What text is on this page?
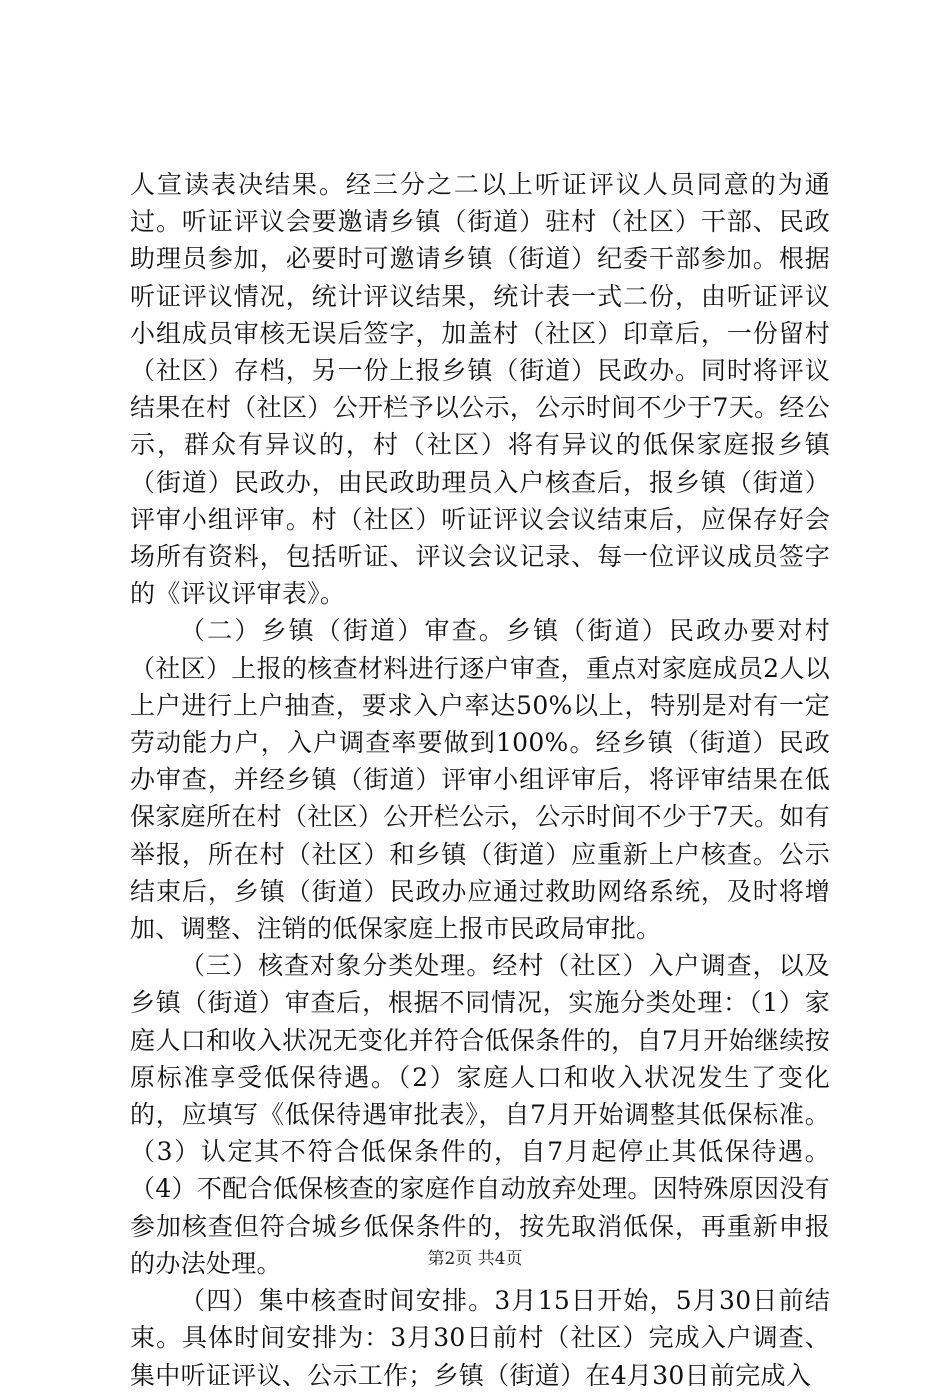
人宣读表决结果。经三分之二以上听证评议人员同意的为通过。听证评议会要邀请乡镇（街道）驻村（社区）干部、民政助理员参加，必要时可邀请乡镇（街道）纪委干部参加。根据听证评议情况，统计评议结果，统计表一式二份，由听证评议小组成员审核无误后签字，加盖村（社区）印章后，一份留村（社区）存档，另一份上报乡镇（街道）民政办。同时将评议结果在村（社区）公开栏予以公示，公示时间不少于7天。经公示，群众有异议的，村（社区）将有异议的低保家庭报乡镇（街道）民政办，由民政助理员入户核查后，报乡镇（街道）评审小组评审。村（社区）听证评议会议结束后，应保存好会场所有资料，包括听证、评议会议记录、每一位评议成员签字的《评议评审表》。

（二）乡镇（街道）审查。乡镇（街道）民政办要对村（社区）上报的核查材料进行逐户审查，重点对家庭成员2人以上户进行上户抽查，要求入户率达50%以上，特别是对有一定劳动能力户，入户调查率要做到100%。经乡镇（街道）民政办审查，并经乡镇（街道）评审小组评审后，将评审结果在低保家庭所在村（社区）公开栏公示，公示时间不少于7天。如有举报，所在村（社区）和乡镇（街道）应重新上户核查。公示结束后，乡镇（街道）民政办应通过救助网络系统，及时将增加、调整、注销的低保家庭上报市民政局审批。

（三）核查对象分类处理。经村（社区）入户调查，以及乡镇（街道）审查后，根据不同情况，实施分类处理：（1）家庭人口和收入状况无变化并符合低保条件的，自7月开始继续按原标准享受低保待遇。（2）家庭人口和收入状况发生了变化的，应填写《低保待遇审批表》，自7月开始调整其低保标准。（3）认定其不符合低保条件的，自7月起停止其低保待遇。（4）不配合低保核查的家庭作自动放弃处理。因特殊原因没有参加核查但符合城乡低保条件的，按先取消低保，再重新申报的办法处理。

（四）集中核查时间安排。3月15日开始，5月30日前结束。具体时间安排为：3月30日前村（社区）完成入户调查、集中听证评议、公示工作；乡镇（街道）在4月30日前完成入

第2页 共4页
